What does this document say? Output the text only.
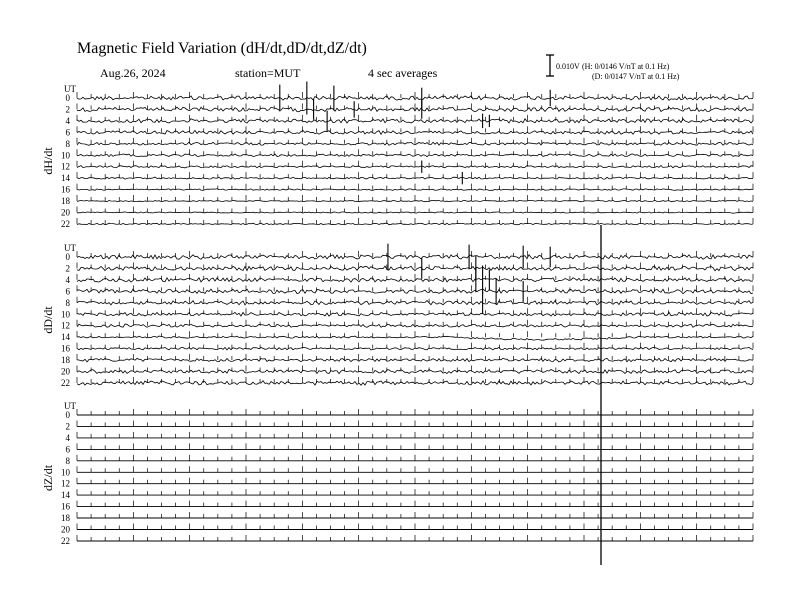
Magnetic Field Variation (dH/dt,dD/dt,dZ/dt)
Aug.26, 2024	station=MUT	4 sec averages	0.010V (H: 0/0146 V/nT at 0.1 Hz)
(D: 0/0147 V/nT at 0.1 Hz)
UT
dH/dt
0
2
4
6
8
10
12
14
16
18
20
22
UT
dD/dt
0
2
4
6
8
10
12
14
16
18
20
22
UT
dZ/dt
0
2
4
6
8
10
12
14
16
18
20
22
